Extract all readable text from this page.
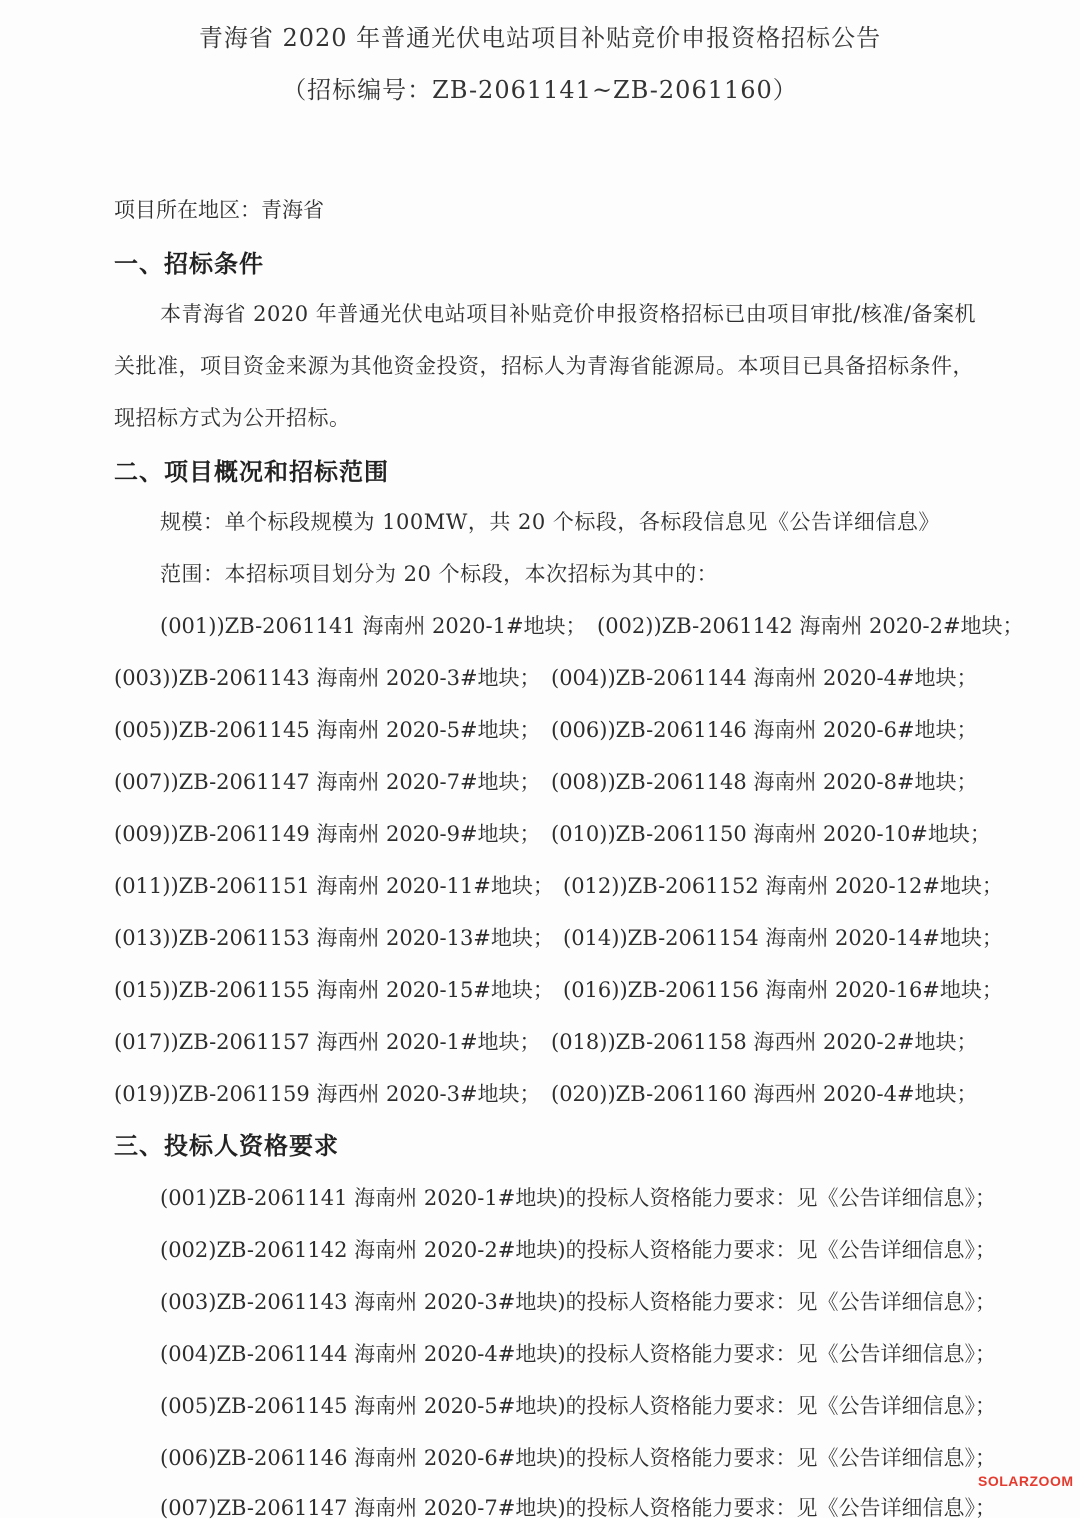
青海省 2020 年普通光伏电站项目补贴竞价申报资格招标公告
（招标编号：ZB-2061141~ZB-2061160）
项目所在地区：青海省
一、招标条件
本青海省 2020 年普通光伏电站项目补贴竞价申报资格招标已由项目审批/核准/备案机
关批准，项目资金来源为其他资金投资，招标人为青海省能源局。本项目已具备招标条件，
现招标方式为公开招标。
二、项目概况和招标范围
规模：单个标段规模为 100MW，共 20 个标段，各标段信息见《公告详细信息》
范围：本招标项目划分为 20 个标段，本次招标为其中的：
(001))ZB-2061141 海南州 2020-1#地块； (002))ZB-2061142 海南州 2020-2#地块；
(003))ZB-2061143 海南州 2020-3#地块； (004))ZB-2061144 海南州 2020-4#地块；
(005))ZB-2061145 海南州 2020-5#地块； (006))ZB-2061146 海南州 2020-6#地块；
(007))ZB-2061147 海南州 2020-7#地块； (008))ZB-2061148 海南州 2020-8#地块；
(009))ZB-2061149 海南州 2020-9#地块； (010))ZB-2061150 海南州 2020-10#地块；
(011))ZB-2061151 海南州 2020-11#地块； (012))ZB-2061152 海南州 2020-12#地块；
(013))ZB-2061153 海南州 2020-13#地块； (014))ZB-2061154 海南州 2020-14#地块；
(015))ZB-2061155 海南州 2020-15#地块； (016))ZB-2061156 海南州 2020-16#地块；
(017))ZB-2061157 海西州 2020-1#地块； (018))ZB-2061158 海西州 2020-2#地块；
(019))ZB-2061159 海西州 2020-3#地块； (020))ZB-2061160 海西州 2020-4#地块；
三、投标人资格要求
(001)ZB-2061141 海南州 2020-1#地块)的投标人资格能力要求：见《公告详细信息》；
(002)ZB-2061142 海南州 2020-2#地块)的投标人资格能力要求：见《公告详细信息》；
(003)ZB-2061143 海南州 2020-3#地块)的投标人资格能力要求：见《公告详细信息》；
(004)ZB-2061144 海南州 2020-4#地块)的投标人资格能力要求：见《公告详细信息》；
(005)ZB-2061145 海南州 2020-5#地块)的投标人资格能力要求：见《公告详细信息》；
(006)ZB-2061146 海南州 2020-6#地块)的投标人资格能力要求：见《公告详细信息》；
(007)ZB-2061147 海南州 2020-7#地块)的投标人资格能力要求：见《公告详细信息》；
SOLARZOOM
